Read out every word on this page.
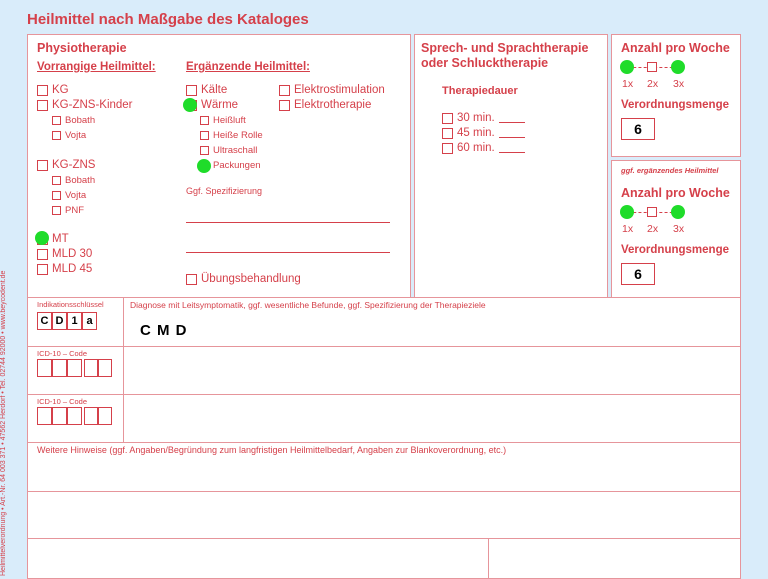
Heilmittel nach Maßgabe des Kataloges
Physiotherapie
Vorrangige Heilmittel:	Ergänzende Heilmittel:
KG
KG-ZNS-Kinder
Bobath
Vojta
KG-ZNS
Bobath
Vojta
PNF
MT
MLD 30
MLD 45
Kälte
Wärme
Heißluft
Heiße Rolle
Ultraschall
Packungen
Elektrostimulation
Elektrotherapie
Ggf. Spezifizierung
Übungsbehandlung
Sprech- und Sprachtherapie
oder Schlucktherapie
Therapiedauer
30 min.
45 min.
60 min.
Anzahl pro Woche
1x 2x 3x
Verordnungsmenge
6
ggf. ergänzendes Heilmittel
Anzahl pro Woche
1x 2x 3x
Verordnungsmenge
6
Indikationsschlüssel
C D 1 a
Diagnose mit Leitsymptomatik, ggf. wesentliche Befunde, ggf. Spezifizierung der Therapieziele
C M D
ICD-10 – Code
ICD-10 – Code
Weitere Hinweise (ggf. Angaben/Begründung zum langfristigen Heilmittelbedarf, Angaben zur Blankoverordnung, etc.)
Heilmittelverordnung • Art.-Nr. 64 003 371 • 47562 Herdorf • Tel. 02744 92000 • www.beycodent.de
